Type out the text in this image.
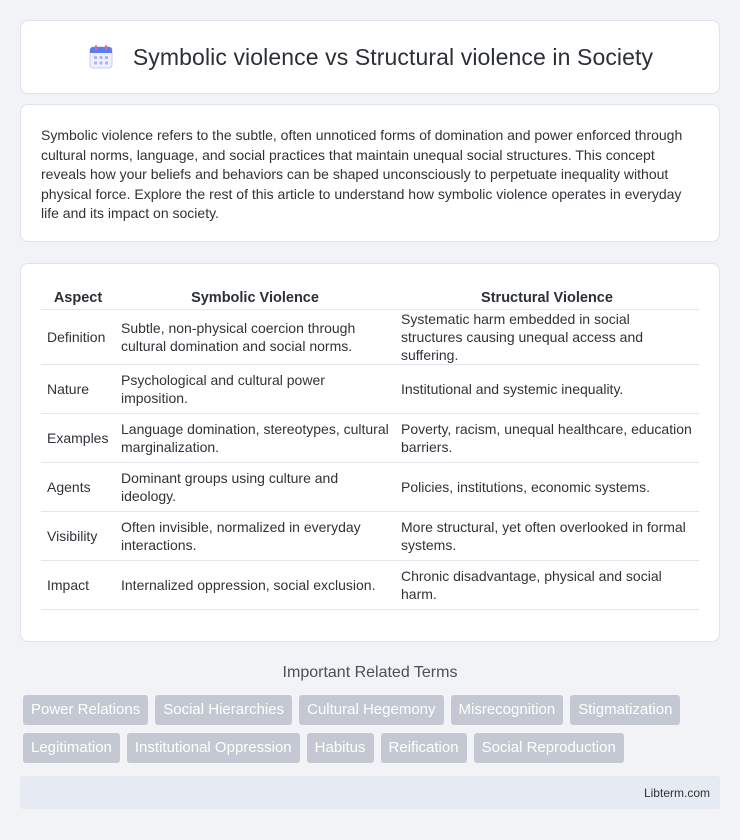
Symbolic violence vs Structural violence in Society

Symbolic violence refers to the subtle, often unnoticed forms of domination and power enforced through cultural norms, language, and social practices that maintain unequal social structures. This concept reveals how your beliefs and behaviors can be shaped unconsciously to perpetuate inequality without physical force. Explore the rest of this article to understand how symbolic violence operates in everyday life and its impact on society.

Aspect	Symbolic Violence	Structural Violence
Definition	Subtle, non-physical coercion through cultural domination and social norms.	Systematic harm embedded in social structures causing unequal access and suffering.
Nature	Psychological and cultural power imposition.	Institutional and systemic inequality.
Examples	Language domination, stereotypes, cultural marginalization.	Poverty, racism, unequal healthcare, education barriers.
Agents	Dominant groups using culture and ideology.	Policies, institutions, economic systems.
Visibility	Often invisible, normalized in everyday interactions.	More structural, yet often overlooked in formal systems.
Impact	Internalized oppression, social exclusion.	Chronic disadvantage, physical and social harm.
Important Related Terms
Power Relations	Social Hierarchies	Cultural Hegemony	Misrecognition	Stigmatization
Legitimation	Institutional Oppression	Habitus	Reification	Social Reproduction
Libterm.com
